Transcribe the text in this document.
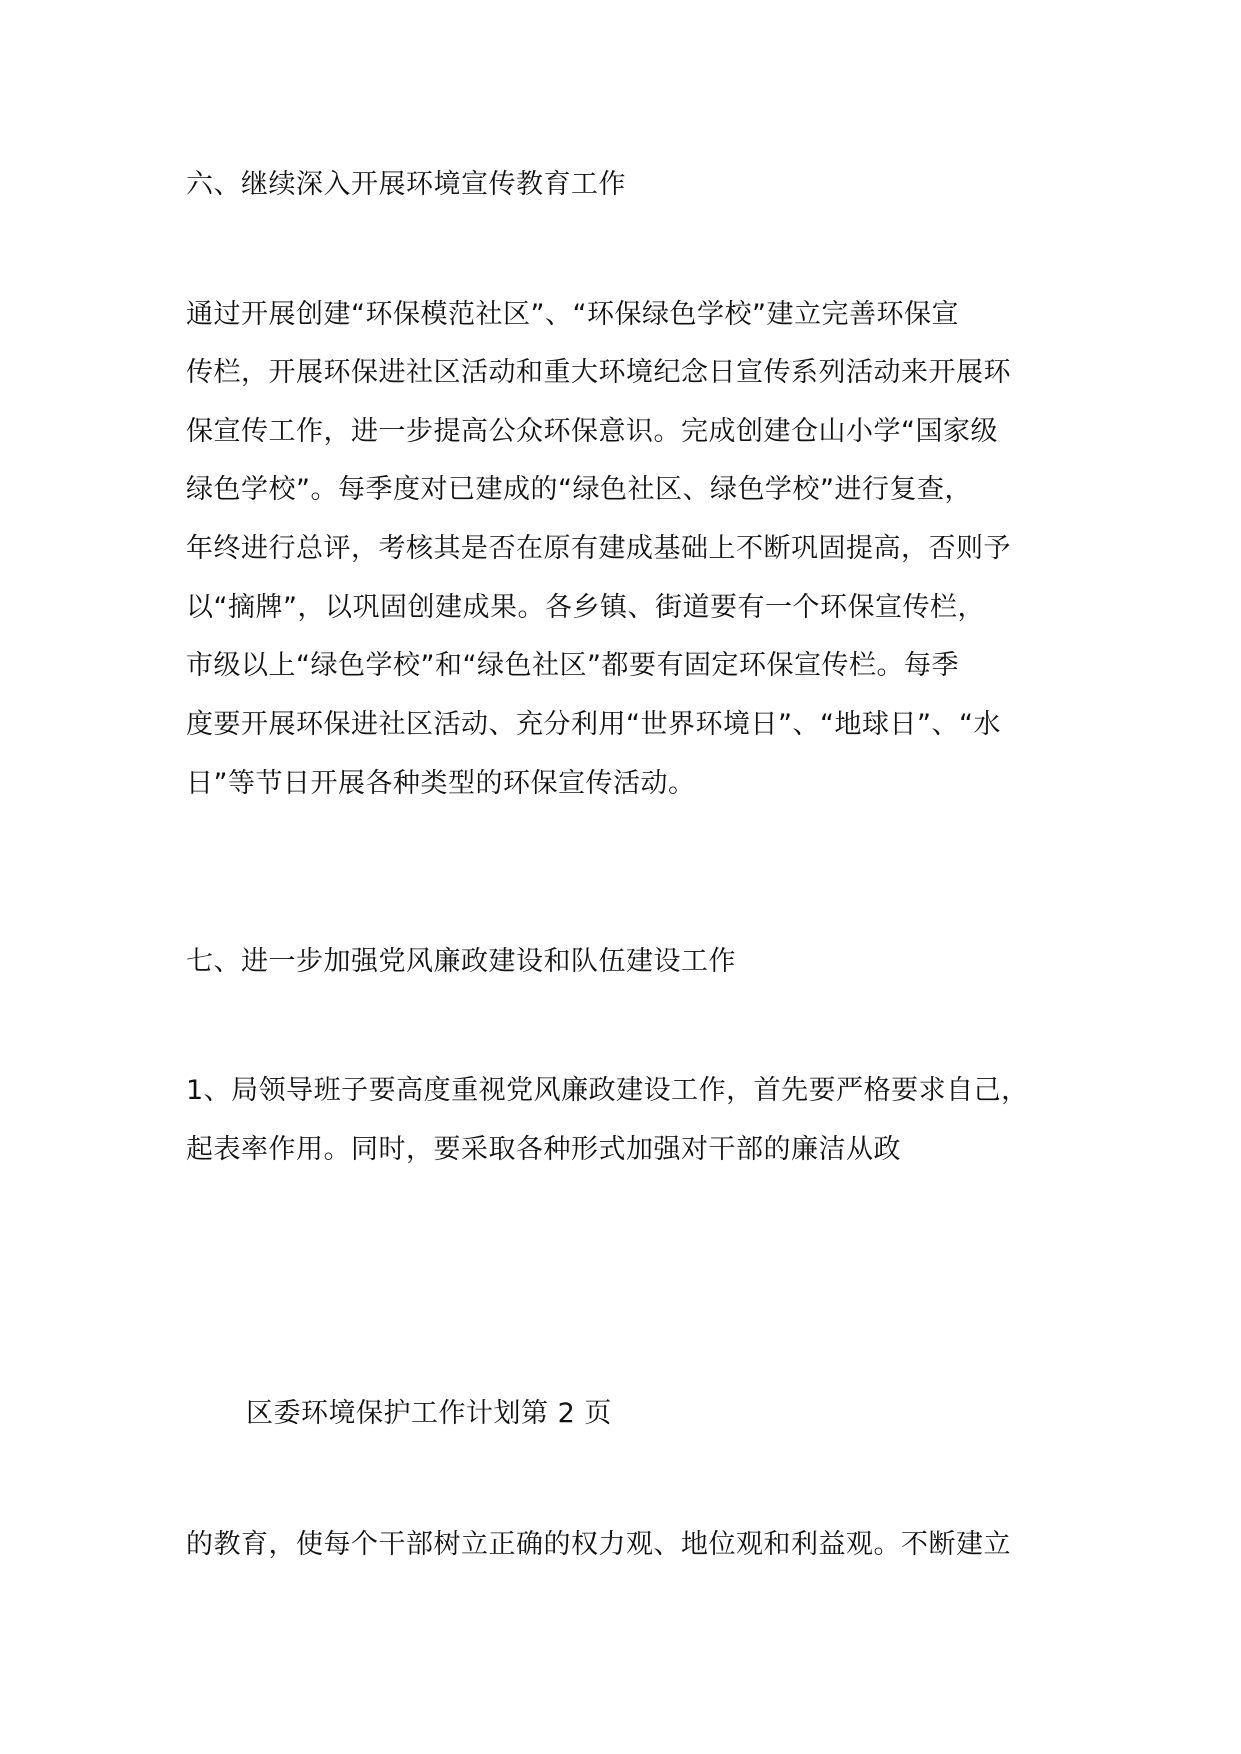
六、继续深入开展环境宣传教育工作
通过开展创建“环保模范社区”、“环保绿色学校”建立完善环保宣
传栏，开展环保进社区活动和重大环境纪念日宣传系列活动来开展环
保宣传工作，进一步提高公众环保意识。完成创建仓山小学“国家级
绿色学校”。每季度对已建成的“绿色社区、绿色学校”进行复查，
年终进行总评，考核其是否在原有建成基础上不断巩固提高，否则予
以“摘牌”，以巩固创建成果。各乡镇、街道要有一个环保宣传栏，
市级以上“绿色学校”和“绿色社区”都要有固定环保宣传栏。每季
度要开展环保进社区活动、充分利用“世界环境日”、“地球日”、“水
日”等节日开展各种类型的环保宣传活动。
七、进一步加强党风廉政建设和队伍建设工作
1、局领导班子要高度重视党风廉政建设工作，首先要严格要求自己，
起表率作用。同时，要采取各种形式加强对干部的廉洁从政
区委环境保护工作计划第 2 页
的教育，使每个干部树立正确的权力观、地位观和利益观。不断建立
